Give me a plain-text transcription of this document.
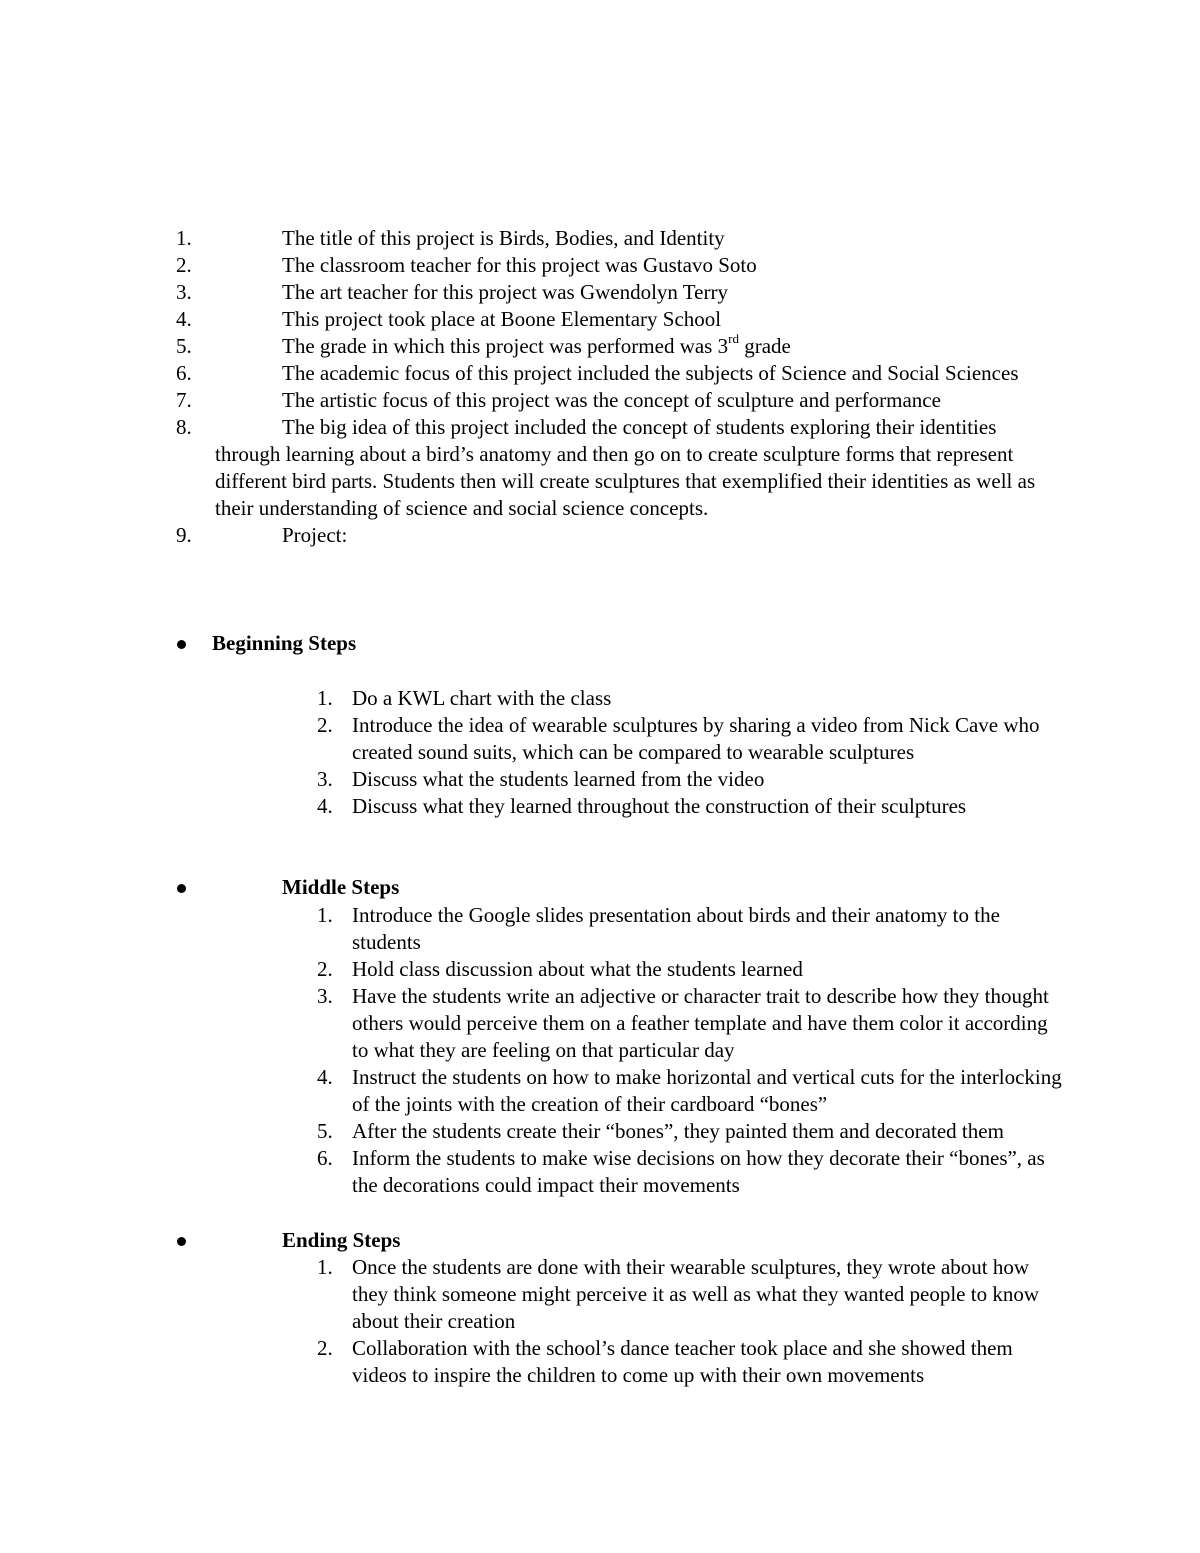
1.	The title of this project is Birds, Bodies, and Identity
2.	The classroom teacher for this project was Gustavo Soto
3.	The art teacher for this project was Gwendolyn Terry
4.	This project took place at Boone Elementary School
5.	The grade in which this project was performed was 3rd grade
6.	The academic focus of this project included the subjects of Science and Social Sciences
7.	The artistic focus of this project was the concept of sculpture and performance
8.	The big idea of this project included the concept of students exploring their identities through learning about a bird’s anatomy and then go on to create sculpture forms that represent different bird parts. Students then will create sculptures that exemplified their identities as well as their understanding of science and social science concepts.
9.	Project:
Beginning Steps
1. Do a KWL chart with the class
2. Introduce the idea of wearable sculptures by sharing a video from Nick Cave who created sound suits, which can be compared to wearable sculptures
3. Discuss what the students learned from the video
4. Discuss what they learned throughout the construction of their sculptures
Middle Steps
1. Introduce the Google slides presentation about birds and their anatomy to the students
2. Hold class discussion about what the students learned
3. Have the students write an adjective or character trait to describe how they thought others would perceive them on a feather template and have them color it according to what they are feeling on that particular day
4. Instruct the students on how to make horizontal and vertical cuts for the interlocking of the joints with the creation of their cardboard “bones”
5. After the students create their “bones”, they painted them and decorated them
6. Inform the students to make wise decisions on how they decorate their “bones”, as the decorations could impact their movements
Ending Steps
1. Once the students are done with their wearable sculptures, they wrote about how they think someone might perceive it as well as what they wanted people to know about their creation
2. Collaboration with the school’s dance teacher took place and she showed them videos to inspire the children to come up with their own movements
